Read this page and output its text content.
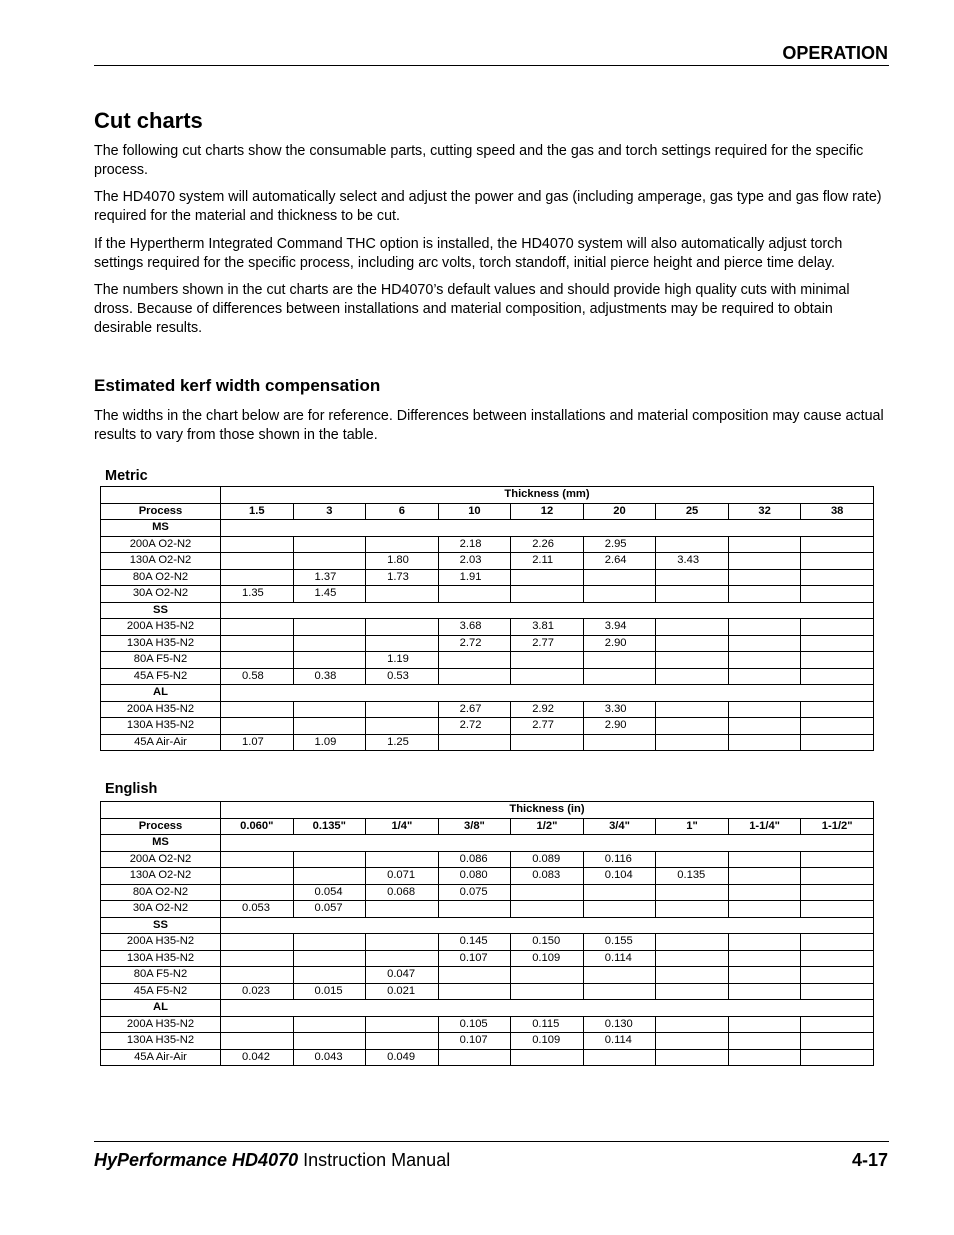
OPERATION
Cut charts

The following cut charts show the consumable parts, cutting speed and the gas and torch settings required for the specific process.

The HD4070 system will automatically select and adjust the power and gas (including amperage, gas type and gas flow rate) required for the material and thickness to be cut.

If the Hypertherm Integrated Command THC option is installed, the HD4070 system will also automatically adjust torch settings required for the specific process, including arc volts, torch standoff, initial pierce height and pierce time delay.

The numbers shown in the cut charts are the HD4070’s default values and should provide high quality cuts with minimal dross. Because of differences between installations and material composition, adjustments may be required to obtain desirable results.

Estimated kerf width compensation

The widths in the chart below are for reference. Differences between installations and material composition may cause actual results to vary from those shown in the table.

Metric
	Thickness (mm)								
Process	1.5	3	6	10	12	20	25	32	38
MS									
200A O2-N2				2.18	2.26	2.95			
130A O2-N2			1.80	2.03	2.11	2.64	3.43		
80A O2-N2		1.37	1.73	1.91					
30A O2-N2	1.35	1.45							
SS									
200A H35-N2				3.68	3.81	3.94			
130A H35-N2				2.72	2.77	2.90			
80A F5-N2			1.19						
45A F5-N2	0.58	0.38	0.53						
AL									
200A H35-N2				2.67	2.92	3.30			
130A H35-N2				2.72	2.77	2.90			
45A Air-Air	1.07	1.09	1.25						
English
	Thickness (in)								
Process	0.060"	0.135"	1/4"	3/8"	1/2"	3/4"	1"	1-1/4"	1-1/2"
MS									
200A O2-N2				0.086	0.089	0.116			
130A O2-N2			0.071	0.080	0.083	0.104	0.135		
80A O2-N2		0.054	0.068	0.075					
30A O2-N2	0.053	0.057							
SS									
200A H35-N2				0.145	0.150	0.155			
130A H35-N2				0.107	0.109	0.114			
80A F5-N2			0.047						
45A F5-N2	0.023	0.015	0.021						
AL									
200A H35-N2				0.105	0.115	0.130			
130A H35-N2				0.107	0.109	0.114			
45A Air-Air	0.042	0.043	0.049						
HyPerformance HD4070 Instruction Manual	4-17
